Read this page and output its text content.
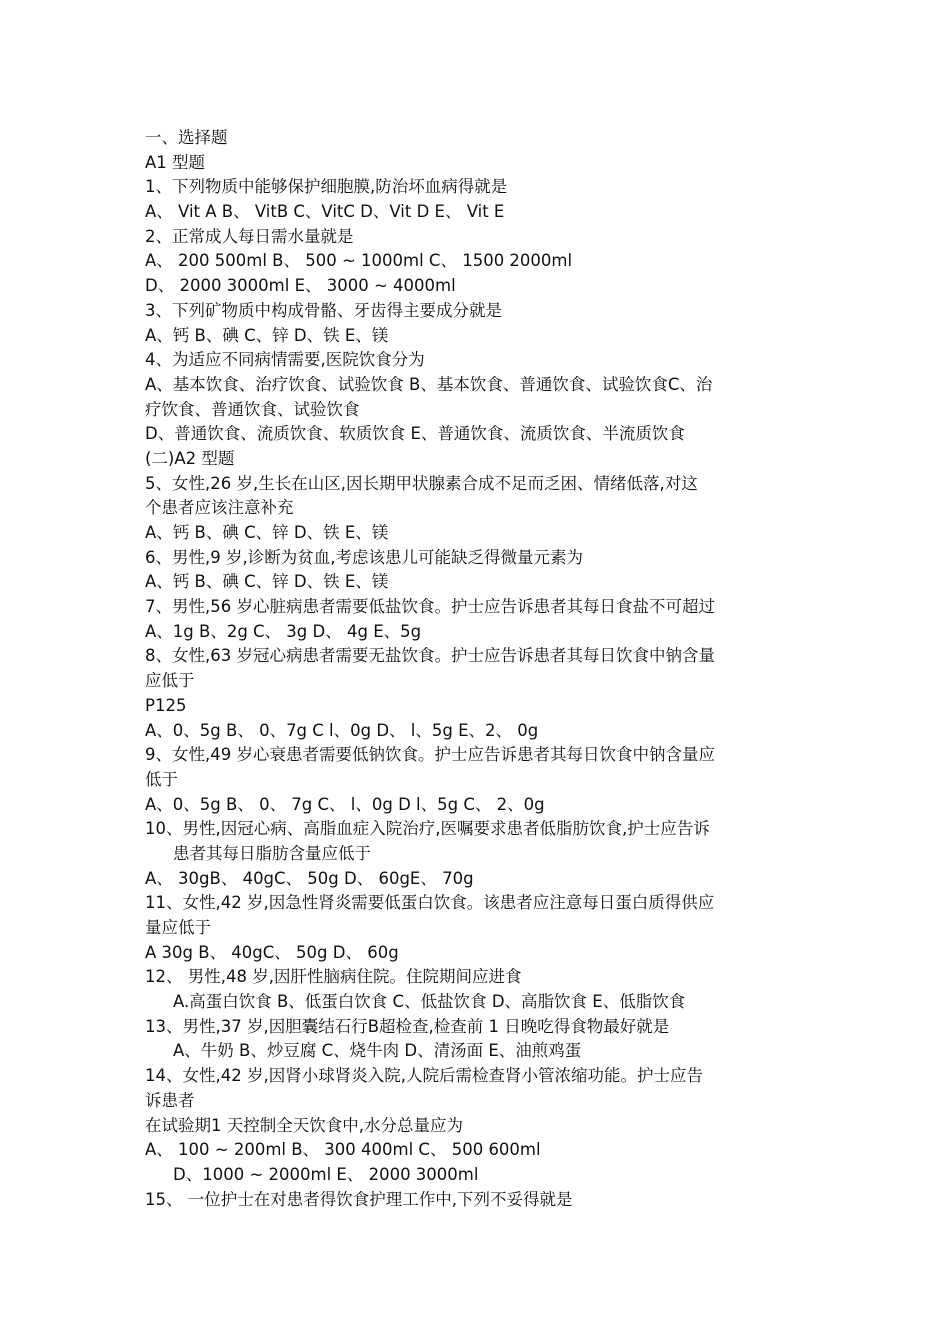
一、选择题
A1 型题
1、下列物质中能够保护细胞膜,防治坏血病得就是
A、 Vit A B、 VitB C、VitC D、Vit D E、 Vit E
2、正常成人每日需水量就是
A、 200 500ml B、 500 ~ 1000ml C、 1500 2000ml
D、 2000 3000ml E、 3000 ~ 4000ml
3、下列矿物质中构成骨骼、牙齿得主要成分就是
A、钙 B、碘 C、锌 D、铁 E、镁
4、为适应不同病情需要,医院饮食分为
A、基本饮食、治疗饮食、试验饮食 B、基本饮食、普通饮食、试验饮食C、治
疗饮食、普通饮食、试验饮食
D、普通饮食、流质饮食、软质饮食 E、普通饮食、流质饮食、半流质饮食
(二)A2 型题
5、女性,26 岁,生长在山区,因长期甲状腺素合成不足而乏困、情绪低落,对这
个患者应该注意补充
A、钙 B、碘 C、锌 D、铁 E、镁
6、男性,9 岁,诊断为贫血,考虑该患儿可能缺乏得微量元素为
A、钙 B、碘 C、锌 D、铁 E、镁
7、男性,56 岁心脏病患者需要低盐饮食。护士应告诉患者其每日食盐不可超过
A、1g B、2g C、 3g D、 4g E、5g
8、女性,63 岁冠心病患者需要无盐饮食。护士应告诉患者其每日饮食中钠含量
应低于
P125
A、0、5g B、 0、7g C l、0g D、 l、5g E、2、 0g
9、女性,49 岁心衰患者需要低钠饮食。护士应告诉患者其每日饮食中钠含量应
低于
A、0、5g B、 0、 7g C、 l、0g D l、5g C、 2、0g
10、男性,因冠心病、高脂血症入院治疗,医嘱要求患者低脂肪饮食,护士应告诉
患者其每日脂肪含量应低于
A、 30gB、 40gC、 50g D、 60gE、 70g
11、女性,42 岁,因急性肾炎需要低蛋白饮食。该患者应注意每日蛋白质得供应
量应低于
A 30g B、 40gC、 50g D、 60g
12、 男性,48 岁,因肝性脑病住院。住院期间应进食
A.高蛋白饮食 B、低蛋白饮食 C、低盐饮食 D、高脂饮食 E、低脂饮食
13、男性,37 岁,因胆囊结石行B超检查,检查前 1 日晚吃得食物最好就是
A、牛奶 B、炒豆腐 C、烧牛肉 D、清汤面 E、油煎鸡蛋
14、女性,42 岁,因肾小球肾炎入院,人院后需检查肾小管浓缩功能。护士应告
诉患者
在试验期1 天控制全天饮食中,水分总量应为
A、 100 ~ 200ml B、 300 400ml C、 500 600ml
D、1000 ~ 2000ml E、 2000 3000ml
15、 一位护士在对患者得饮食护理工作中,下列不妥得就是
